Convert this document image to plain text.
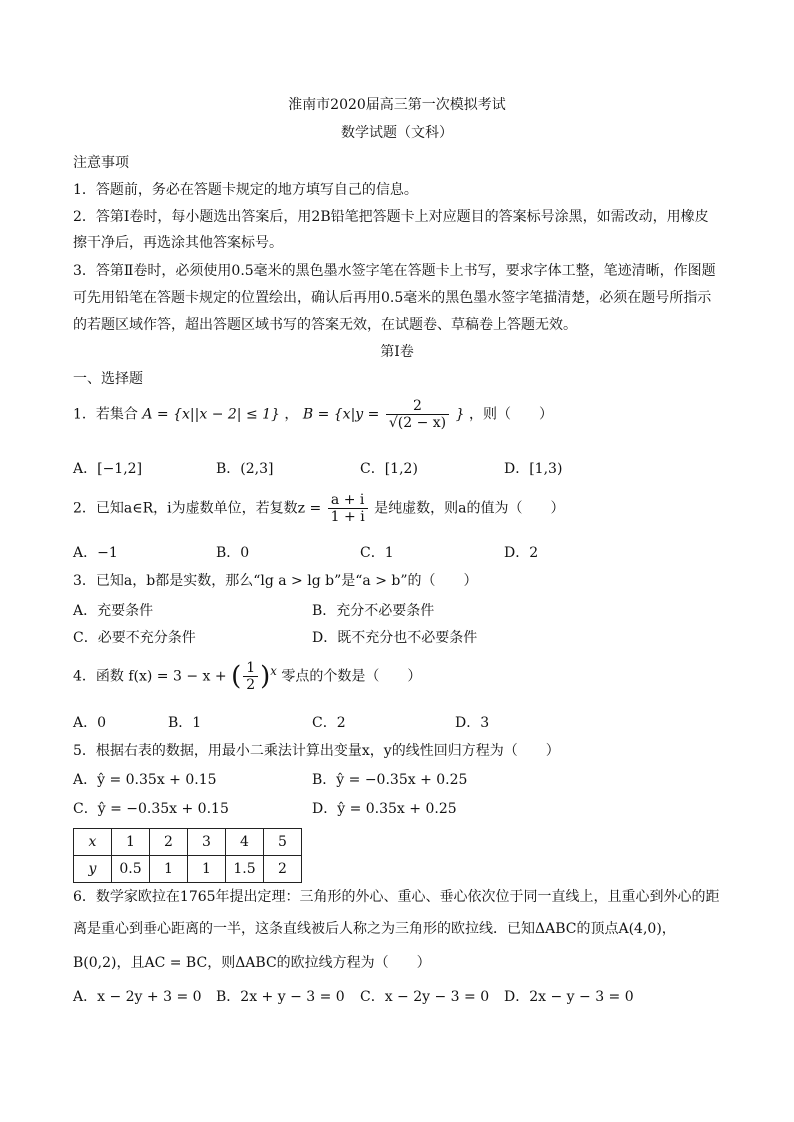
淮南市2020届高三第一次模拟考试
数学试题（文科）
注意事项
1．答题前，务必在答题卡规定的地方填写自己的信息。
2．答第Ⅰ卷时，每小题选出答案后，用2B铅笔把答题卡上对应题目的答案标号涂黑，如需改动，用橡皮
擦干净后，再选涂其他答案标号。
3．答第Ⅱ卷时，必须使用0.5毫米的黑色墨水签字笔在答题卡上书写，要求字体工整，笔迹清晰，作图题
可先用铅笔在答题卡规定的位置绘出，确认后再用0.5毫米的黑色墨水签字笔描清楚，必须在题号所指示
的若题区域作答，超出答题区域书写的答案无效，在试题卷、草稿卷上答题无效。
第Ⅰ卷
一、选择题
1．若集合 A = {x||x − 2| ≤ 1} ， $B = \{x|y = \frac{2}{√(2 - x)}$ } ，则（　　）
A．[−1,2]	B．(2,3]	C．[1,2)	D．[1,3)
2．已知a∈R，i为虚数单位，若复数$z = \frac{a + i}{1 + i}$ 是纯虚数，则a的值为（　　）
A．−1	B．0	C．1	D．2
3．已知a，b都是实数，那么“lg a > lg b”是“a > b”的（　　）
A．充要条件	B．充分不必要条件
C．必要不充分条件	D．既不充分也不必要条件
4．函数 f(x) = 3 − x + ( $\frac{1}{2} )^x$ 零点的个数是（　　）
A．0	B．1	C．2	D．3
5．根据右表的数据，用最小二乘法计算出变量x，y的线性回归方程为（　　）
A．ŷ = 0.35x + 0.15	B．ŷ = −0.35x + 0.25
C．ŷ = −0.35x + 0.15	D．ŷ = 0.35x + 0.25
x	1	2	3	4	5
y	0.5	1	1	1.5	2
6．数学家欧拉在1765年提出定理：三角形的外心、重心、垂心依次位于同一直线上，且重心到外心的距
离是重心到垂心距离的一半，这条直线被后人称之为三角形的欧拉线．已知ΔABC的顶点A(4,0)，
B(0,2)，且AC = BC，则ΔABC的欧拉线方程为（　　）
A．x − 2y + 3 = 0 B．2x + y − 3 = 0 C．x − 2y − 3 = 0 D．2x − y − 3 = 0
